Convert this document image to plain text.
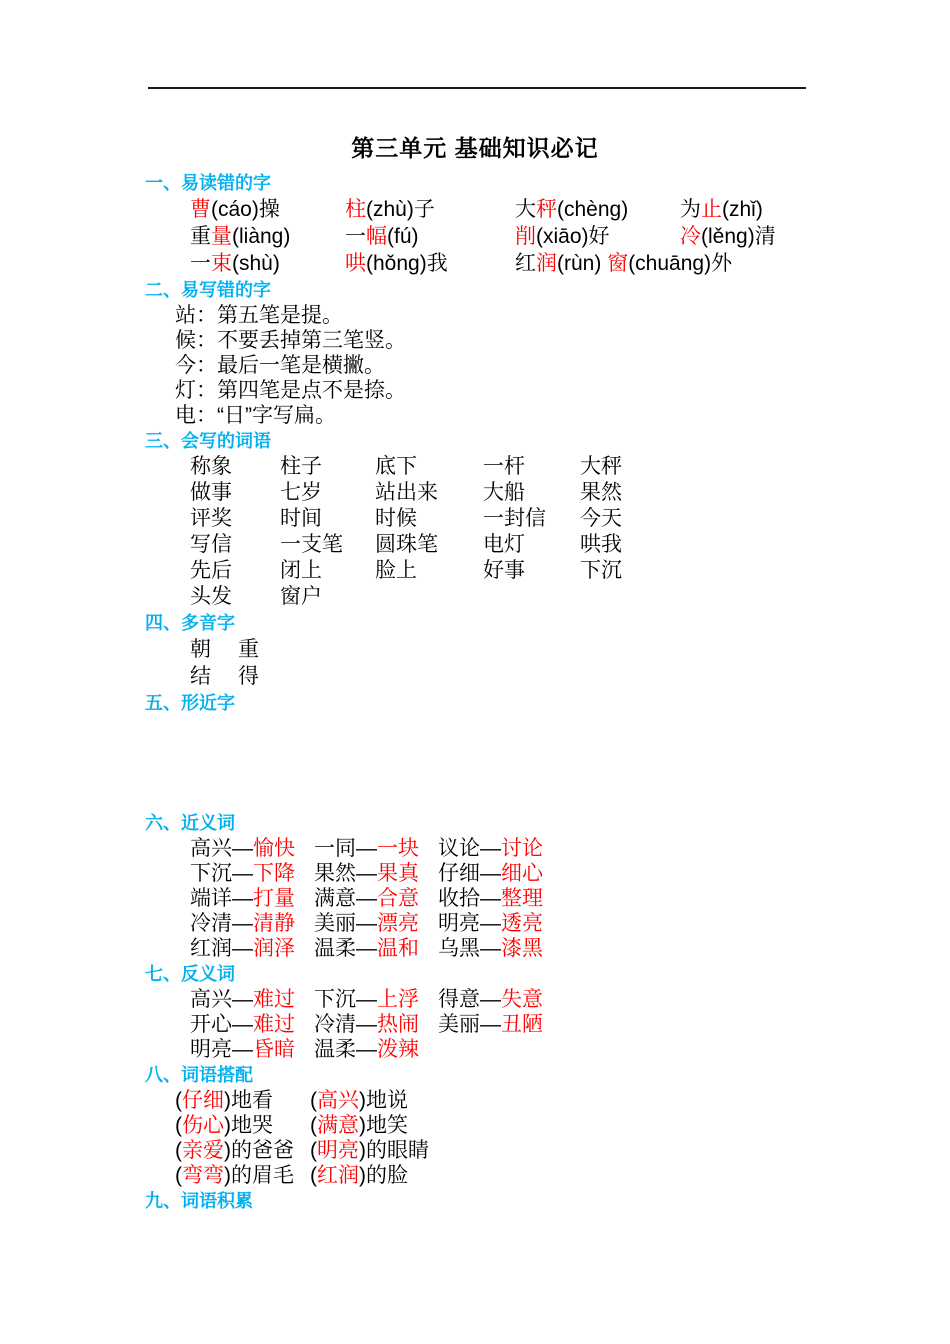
第三单元 基础知识必记
一、易读错的字
曹(cáo)操	柱(zhù)子	大秤(chèng) 为止(zhǐ)
重量(liàng)	一幅(fú)	削(xiāo)好	冷(lěng)清
一束(shù)	哄(hǒng)我	红润(rùn) 窗(chuāng)外
二、易写错的字
站：第五笔是提。
候：不要丢掉第三笔竖。
今：最后一笔是横撇。
灯：第四笔是点不是捺。
电：“日”字写扁。
三、会写的词语
称象	柱子	底下	一杆	大秤
做事	七岁	站出来	大船	果然
评奖	时间	时候	一封信	今天
写信	一支笔	圆珠笔	电灯	哄我
先后	闭上	脸上	好事	下沉
头发	窗户
四、多音字
朝 重
结 得
五、形近字
六、近义词
高兴—愉快 一同—一块 议论—讨论
下沉—下降 果然—果真 仔细—细心
端详—打量 满意—合意 收拾—整理
冷清—清静 美丽—漂亮 明亮—透亮
红润—润泽 温柔—温和 乌黑—漆黑
七、反义词
高兴—难过 下沉—上浮 得意—失意
开心—难过 冷清—热闹 美丽—丑陋
明亮—昏暗 温柔—泼辣
八、词语搭配
(仔细)地看 (高兴)地说
(伤心)地哭 (满意)地笑
(亲爱)的爸爸 (明亮)的眼睛
(弯弯)的眉毛 (红润)的脸
九、词语积累
